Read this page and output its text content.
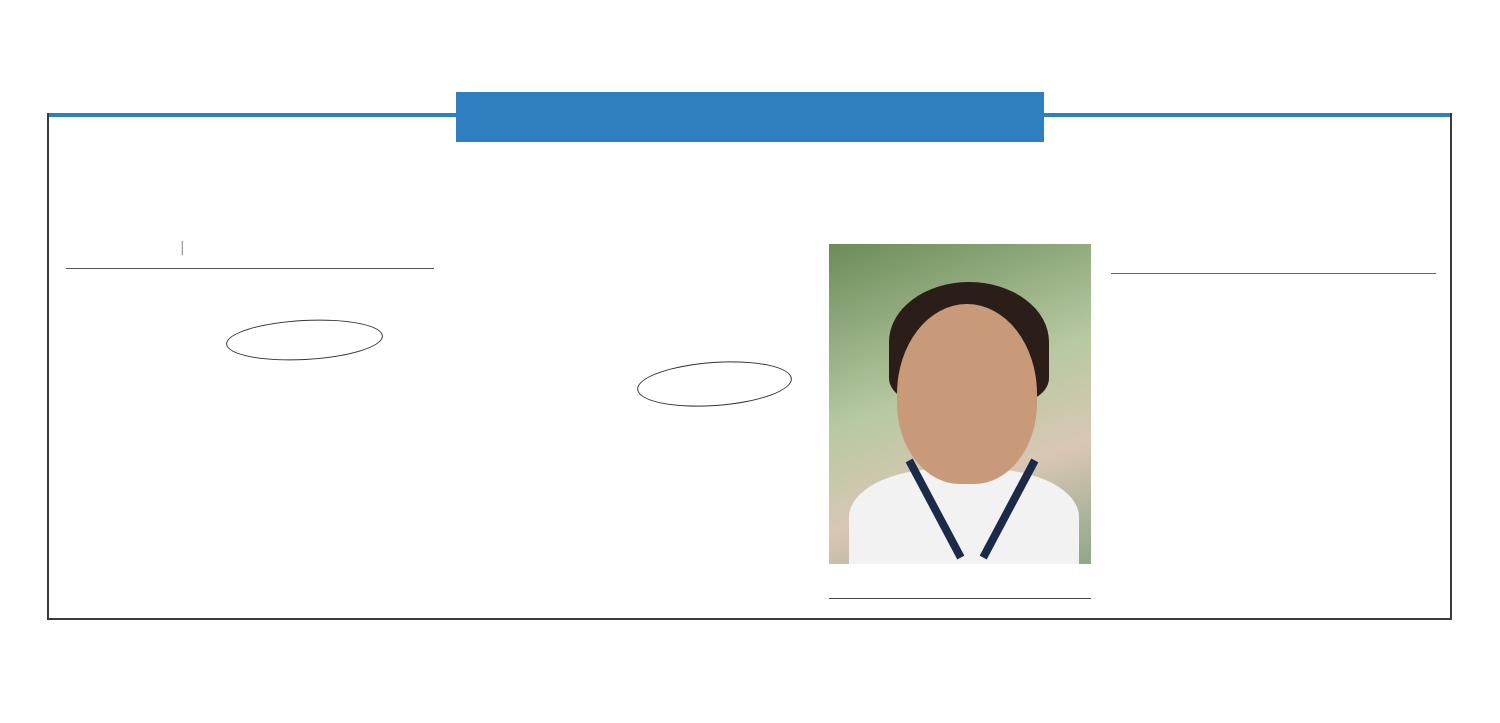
|
